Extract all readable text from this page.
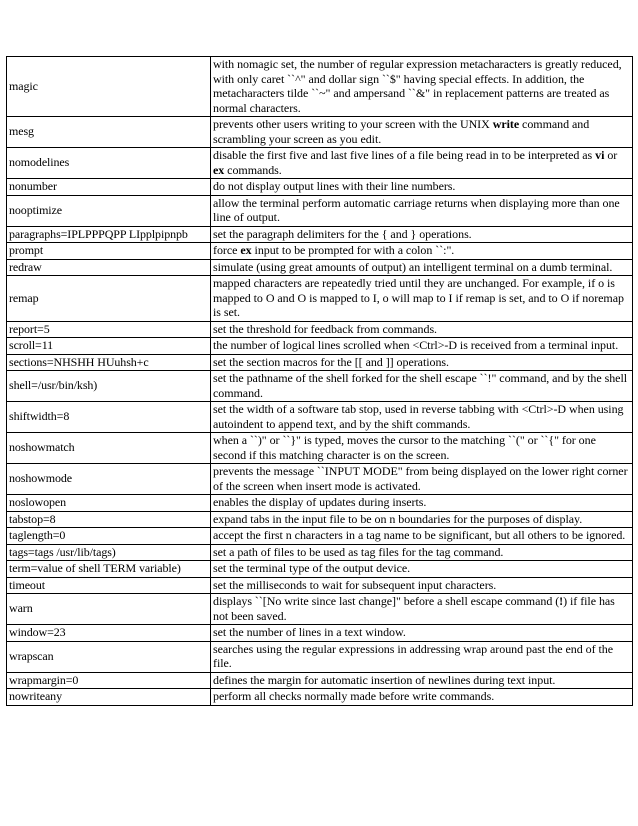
magic	with nomagic set, the number of regular expression metacharacters is greatly reduced, with only caret ``^" and dollar sign ``$" having special effects. In addition, the metacharacters tilde ``~" and ampersand ``&" in replacement patterns are treated as normal characters.
mesg	prevents other users writing to your screen with the UNIX write command and scrambling your screen as you edit.
nomodelines	disable the first five and last five lines of a file being read in to be interpreted as vi or ex commands.
nonumber	do not display output lines with their line numbers.
nooptimize	allow the terminal perform automatic carriage returns when displaying more than one line of output.
paragraphs=IPLPPPQPP LIpplpipnpb	set the paragraph delimiters for the { and } operations.
prompt	force ex input to be prompted for with a colon ``:".
redraw	simulate (using great amounts of output) an intelligent terminal on a dumb terminal.
remap	mapped characters are repeatedly tried until they are unchanged. For example, if o is mapped to O and O is mapped to I, o will map to I if remap is set, and to O if noremap is set.
report=5	set the threshold for feedback from commands.
scroll=11	the number of logical lines scrolled when <Ctrl>-D is received from a terminal input.
sections=NHSHH HUuhsh+c	set the section macros for the [[ and ]] operations.
shell=/usr/bin/ksh)	set the pathname of the shell forked for the shell escape ``!" command, and by the shell command.
shiftwidth=8	set the width of a software tab stop, used in reverse tabbing with <Ctrl>-D when using autoindent to append text, and by the shift commands.
noshowmatch	when a ``)" or ``}" is typed, moves the cursor to the matching ``(" or ``{" for one second if this matching character is on the screen.
noshowmode	prevents the message ``INPUT MODE" from being displayed on the lower right corner of the screen when insert mode is activated.
noslowopen	enables the display of updates during inserts.
tabstop=8	expand tabs in the input file to be on n boundaries for the purposes of display.
taglength=0	accept the first n characters in a tag name to be significant, but all others to be ignored.
tags=tags /usr/lib/tags)	set a path of files to be used as tag files for the tag command.
term=value of shell TERM variable)	set the terminal type of the output device.
timeout	set the milliseconds to wait for subsequent input characters.
warn	displays ``[No write since last change]" before a shell escape command (!) if file has not been saved.
window=23	set the number of lines in a text window.
wrapscan	searches using the regular expressions in addressing wrap around past the end of the file.
wrapmargin=0	defines the margin for automatic insertion of newlines during text input.
nowriteany	perform all checks normally made before write commands.
